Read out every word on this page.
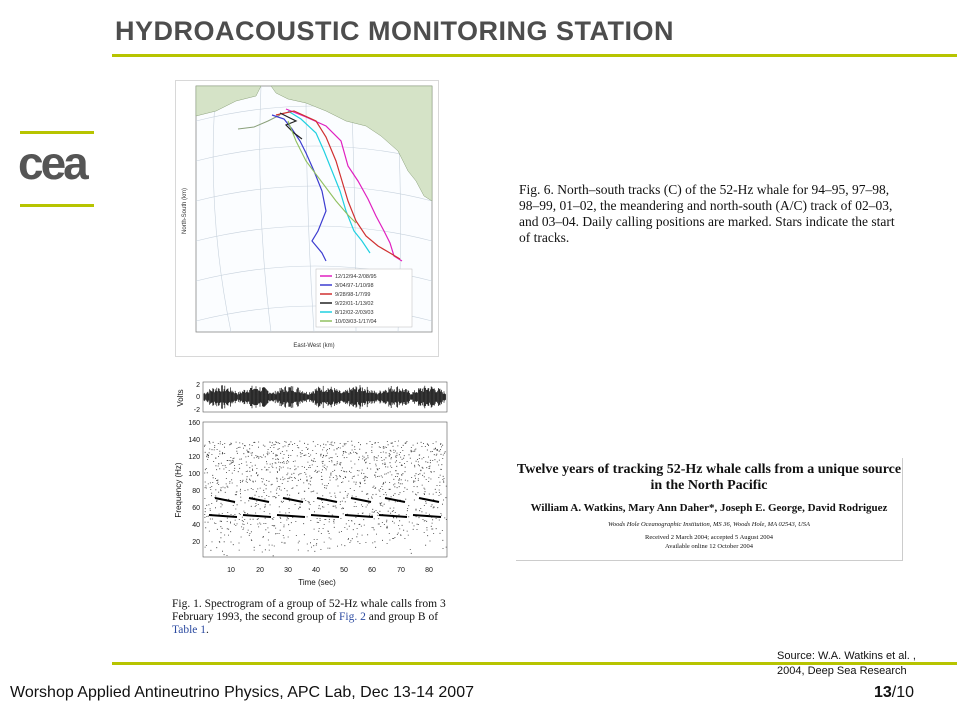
HYDROACOUSTIC MONITORING STATION
cea
12/12/94-2/08/95
3/04/97-1/10/98
9/28/98-1/7/99
9/22/01-1/13/02
8/12/02-2/03/03
10/03/03-1/17/04
North-South (km)
East-West (km)
Fig. 6. North–south tracks (C) of the 52-Hz whale for 94–95, 97–98, 98–99, 01–02, the meandering and north-south (A/C) track of 02–03, and 03–04. Daily calling positions are marked. Stars indicate the start of tracks.
2
0
-2
Volts
160
140
120
100
80
60
40
20
Frequency (Hz)
10	20	30	40	50	60	70	80
Time (sec)
Fig. 1. Spectrogram of a group of 52-Hz whale calls from 3 February 1993, the second group of Fig. 2 and group B of Table 1.
Twelve years of tracking 52-Hz whale calls from a unique source in the North Pacific
William A. Watkins, Mary Ann Daher*, Joseph E. George, David Rodriguez
Woods Hole Oceanographic Institution, MS 36, Woods Hole, MA 02543, USA
Received 2 March 2004; accepted 5 August 2004
Available online 12 October 2004
Source: W.A. Watkins et al. ,
2004, Deep Sea Research
Worshop Applied Antineutrino Physics, APC Lab, Dec 13-14 2007	13/10
